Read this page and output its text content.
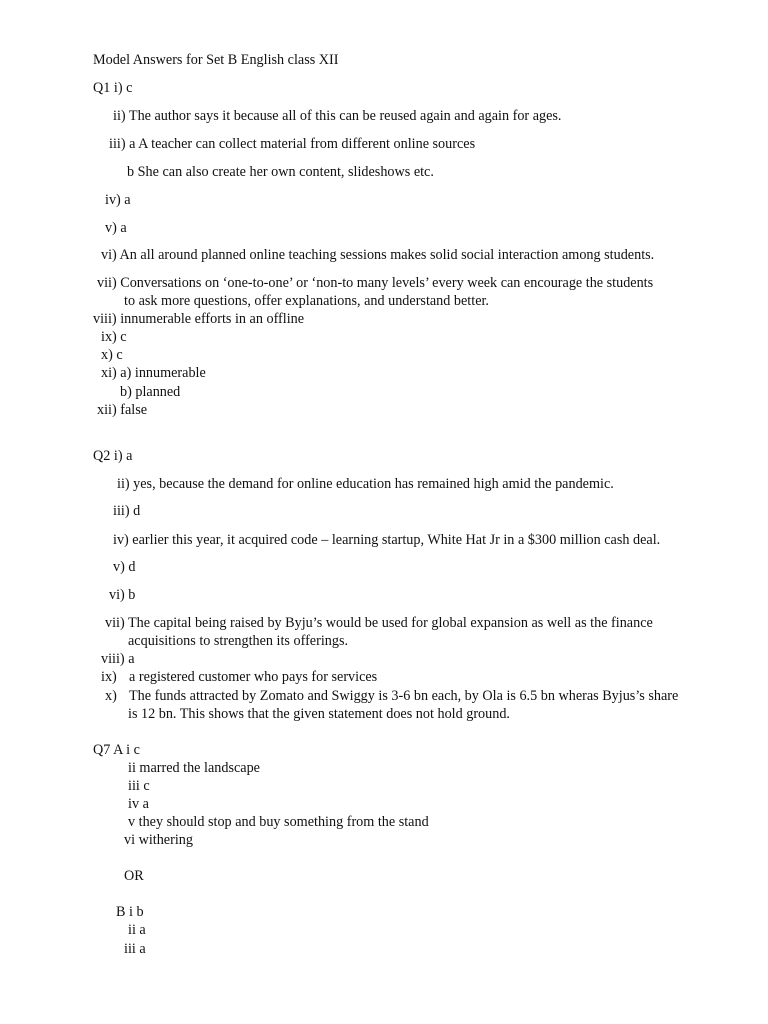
Model Answers for Set B English class XII
Q1 i) c
ii) The author says it because all of this can be reused again and again for ages.
iii) a A teacher can collect material from different online sources
b She can also create her own content, slideshows etc.
iv) a
v) a
vi) An all around planned online teaching sessions makes solid social interaction among students.
vii) Conversations on ‘one-to-one’ or ‘non-to many levels’ every week can encourage the students
to ask more questions, offer explanations, and understand better.
viii) innumerable efforts in an offline
ix) c
x) c
xi) a) innumerable
b) planned
xii) false
Q2 i) a
ii) yes, because the demand for online education has remained high amid the pandemic.
iii) d
iv) earlier this year, it acquired code – learning startup, White Hat Jr in a $300 million cash deal.
v) d
vi) b
vii) The capital being raised by Byju’s would be used for global expansion as well as the finance
acquisitions to strengthen its offerings.
viii) a
ix) a registered customer who pays for services
x) The funds attracted by Zomato and Swiggy is 3-6 bn each, by Ola is 6.5 bn wheras Byjus’s share
is 12 bn. This shows that the given statement does not hold ground.
Q7 A i c
ii marred the landscape
iii c
iv a
v they should stop and buy something from the stand
vi withering
OR
B i b
ii a
iii a
